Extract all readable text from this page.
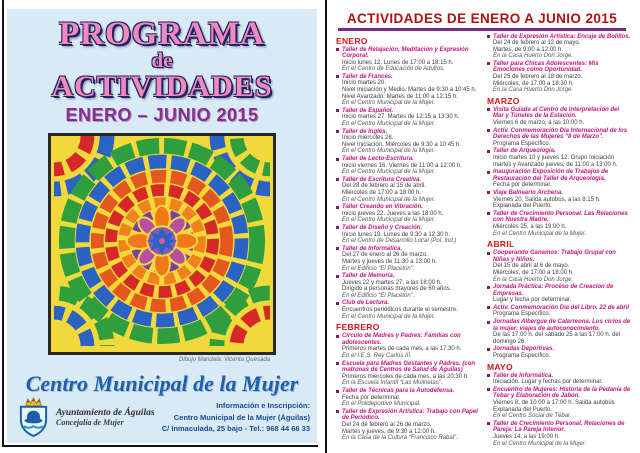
PROGRAMA
de
ACTIVIDADES
ENERO – JUNIO 2015
Dibujo Mandala: Vicenta Quesada
Centro Municipal de la Mujer
Ayuntamiento de Águilas
Concejalía de Mujer
Información e Inscripción:
Centro Municipal de la Mujer (Águilas)
C/ Inmaculada, 25 bajo - Tel.: 968 44 66 33
ACTIVIDADES DE ENERO A JUNIO 2015
ENERO
Taller de Relajación, Meditación y Expresión Corporal.
Inicio lunes 12. Lunes de 17:00 a 18:15 h.
En el Centro de Educación de Adultos.
Taller de Francés.
Inicio martes 20.
Nivel Iniciación y Medio. Martes de 9:30 a 10:45 h.
Nivel Avanzado. Martes de 11:00 a 12:15 h.
En el Centro Municipal de la Mujer.
Taller de Español.
Inicio martes 27. Martes de 12:15 a 13:30 h.
En el Centro Municipal de la Mujer.
Taller de Inglés.
Inicio miércoles 28.
Nivel Iniciación. Miércoles de 9:30 a 10:45 h.
En el Centro Municipal de la Mujer.
Taller de Lecto-Escritura.
Inicio viernes 16. Viernes de 11:00 a 12:00 h.
En el Centro Municipal de la Mujer.
Taller de Escritura Creativa.
Del 28 de febrero al 15 de abril.
Miércoles de 17:00 a 18:00 h.
En el Centro Municipal de la Mujer.
Taller Creando en Vibración.
Inicio jueves 22. Jueves a las 18:00 h.
En el Centro Municipal de la Mujer.
Taller de Diseño y Creación.
Inicio lunes 19. Lunes de 9:30 a 12:30 h.
En el Centro de Desarrollo Local (Pol. Ind.)
Taller de Informática.
Del 27 de enero al 26 de marzo.
Martes y jueves de 11:30 a 13:00 h.
En el Edificio “El Placetón”.
Taller de Memoria.
Jueves 22 y martes 27, a las 18:00 h.
Dirigido a personas mayores de 60 años.
En el Edificio “El Placetón”.
Club de Lectura.
Encuentros periódicos durante el semestre.
En el Centro Municipal de la Mujer.
FEBRERO
Círculo de Madres y Padres: Familias con adolescentes.
Primeros martes de cada mes, a las 17:30 h.
En el I.E.S. Rey Carlos III.
Escuela para Madres Gestantes y Padres. (con matronas de Centros de Salud de Águilas)
Primeros miércoles de cada mes, a las 20:30 h.
En la Escuela Infantil “Las Molinetas”.
Taller de Técnicas para la Autodefensa.
Fecha por determinar.
En el Polideportivo Municipal.
Taller de Expresión Artística: Trabajo con Papel de Periódico.
Del 24 de febrero al 26 de marzo.
Martes y jueves, de 9:30 a 12:00 h.
En la Casa de la Cultura “Francisco Rabal”.
Taller de Expresión Artística: Encaje de Bolillos.
Del 24 de febrero al 12 de mayo.
Martes, de 9:00 a 12:00 h.
En la Casa Huerto Don Jorge.
Taller para Chicas Adolescentes: Mis Emociones como Oportunidad.
Del 25 de febrero al 18 de marzo.
Miércoles, de 17:00 a 18:30 h.
En la Casa Huerto Don Jorge.
MARZO
Visita Guiada al Centro de Interpretación del Mar y Túneles de la Estación.
Viernes 6 de marzo, a las 10:00 h.
Activ. Conmemoración Día Internacional de los Derechos de las Mujeres “8 de Marzo”.
Programa Específico.
Taller de Arqueología.
Inicio martes 10 y jueves 12. Grupo Iniciación martes y Avanzado jueves, de 11:00 a 13:00 h.
Inauguración Exposición de Trabajos de Restauración del Taller de Arqueología.
Fecha por determinar.
Viaje Balneario Archena.
Viernes 20. Salida autobús, a las 8:15 h.
Explanada del Puerto.
Taller de Crecimiento Personal. Las Relaciones con Nuestra Madre.
Miércoles 25, a las 19:00 h.
En el Centro Municipal de la Mujer.
ABRIL
Cooperando Ganamos: Trabajo Grupal con Niñas y Niños.
Del 15 de abril al 6 de mayo.
Miércoles, de 17:00 a 18:00 h.
En la Casa Huerto Don Jorge.
Jornada Práctica: Proceso de Creación de Empresas.
Lugar y fecha por determinar.
Activ. Conmemoración Día del Libro. 22 de abril
Programa Específico.
Jornadas Albergue de Calarreona. Los ciclos de la mujer: viajes de autoconocimiento.
De las 17:00 h. del sábado 25 a las 17:00 h. del domingo 26.
Jornadas Deportivas.
Programa Específico.
MAYO
Taller de Informática.
Iniciación. Lugar y fechas por determinar.
Encuentro de Mujeres: Historia de la Pedanía de Tébar y Elaboración de Jabón.
Viernes 8, de 10:00 a 17:00 h. Salida autobús Explanada del Puerto.
En el Centro Social de Tébar.
Taller de Crecimiento Personal. Relaciones de Pareja: La Pareja Interior.
Jueves 14, a las 19:00 h.
En el Centro Municipal de la Mujer.
